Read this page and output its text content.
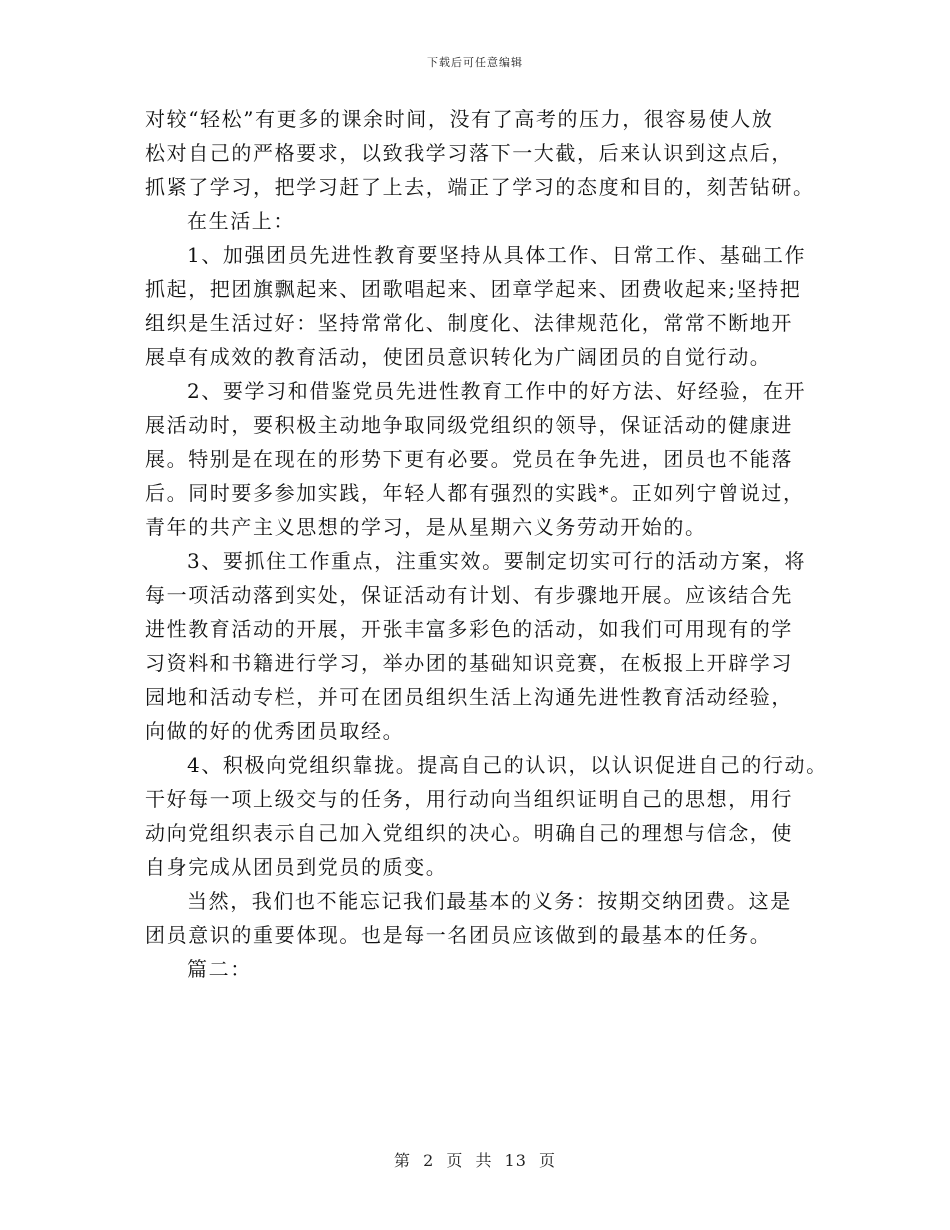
下载后可任意编辑
对较“轻松”有更多的课余时间，没有了高考的压力，很容易使人放
松对自己的严格要求，以致我学习落下一大截，后来认识到这点后，
抓紧了学习，把学习赶了上去，端正了学习的态度和目的，刻苦钻研。
在生活上：
1、加强团员先进性教育要坚持从具体工作、日常工作、基础工作
抓起，把团旗飘起来、团歌唱起来、团章学起来、团费收起来;坚持把
组织是生活过好：坚持常常化、制度化、法律规范化，常常不断地开
展卓有成效的教育活动，使团员意识转化为广阔团员的自觉行动。
2、要学习和借鉴党员先进性教育工作中的好方法、好经验，在开
展活动时，要积极主动地争取同级党组织的领导，保证活动的健康进
展。特别是在现在的形势下更有必要。党员在争先进，团员也不能落
后。同时要多参加实践，年轻人都有强烈的实践*。正如列宁曾说过，
青年的共产主义思想的学习，是从星期六义务劳动开始的。
3、要抓住工作重点，注重实效。要制定切实可行的活动方案，将
每一项活动落到实处，保证活动有计划、有步骤地开展。应该结合先
进性教育活动的开展，开张丰富多彩色的活动，如我们可用现有的学
习资料和书籍进行学习，举办团的基础知识竞赛，在板报上开辟学习
园地和活动专栏，并可在团员组织生活上沟通先进性教育活动经验，
向做的好的优秀团员取经。
4、积极向党组织靠拢。提高自己的认识，以认识促进自己的行动。
干好每一项上级交与的任务，用行动向当组织证明自己的思想，用行
动向党组织表示自己加入党组织的决心。明确自己的理想与信念，使
自身完成从团员到党员的质变。
当然，我们也不能忘记我们最基本的义务：按期交纳团费。这是
团员意识的重要体现。也是每一名团员应该做到的最基本的任务。
篇二：
第 2 页 共 13 页
